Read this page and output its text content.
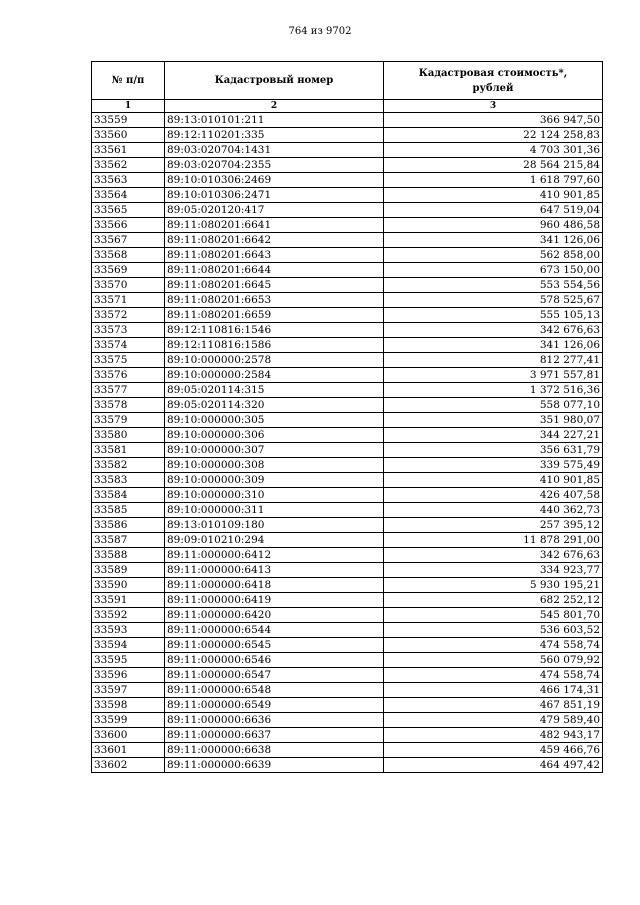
764 из 9702
№ п/п	Кадастровый номер	Кадастровая стоимость*,
рублей
1	2	3
33559	89:13:010101:211	366 947,50
33560	89:12:110201:335	22 124 258,83
33561	89:03:020704:1431	4 703 301,36
33562	89:03:020704:2355	28 564 215,84
33563	89:10:010306:2469	1 618 797,60
33564	89:10:010306:2471	410 901,85
33565	89:05:020120:417	647 519,04
33566	89:11:080201:6641	960 486,58
33567	89:11:080201:6642	341 126,06
33568	89:11:080201:6643	562 858,00
33569	89:11:080201:6644	673 150,00
33570	89:11:080201:6645	553 554,56
33571	89:11:080201:6653	578 525,67
33572	89:11:080201:6659	555 105,13
33573	89:12:110816:1546	342 676,63
33574	89:12:110816:1586	341 126,06
33575	89:10:000000:2578	812 277,41
33576	89:10:000000:2584	3 971 557,81
33577	89:05:020114:315	1 372 516,36
33578	89:05:020114:320	558 077,10
33579	89:10:000000:305	351 980,07
33580	89:10:000000:306	344 227,21
33581	89:10:000000:307	356 631,79
33582	89:10:000000:308	339 575,49
33583	89:10:000000:309	410 901,85
33584	89:10:000000:310	426 407,58
33585	89:10:000000:311	440 362,73
33586	89:13:010109:180	257 395,12
33587	89:09:010210:294	11 878 291,00
33588	89:11:000000:6412	342 676,63
33589	89:11:000000:6413	334 923,77
33590	89:11:000000:6418	5 930 195,21
33591	89:11:000000:6419	682 252,12
33592	89:11:000000:6420	545 801,70
33593	89:11:000000:6544	536 603,52
33594	89:11:000000:6545	474 558,74
33595	89:11:000000:6546	560 079,92
33596	89:11:000000:6547	474 558,74
33597	89:11:000000:6548	466 174,31
33598	89:11:000000:6549	467 851,19
33599	89:11:000000:6636	479 589,40
33600	89:11:000000:6637	482 943,17
33601	89:11:000000:6638	459 466,76
33602	89:11:000000:6639	464 497,42
